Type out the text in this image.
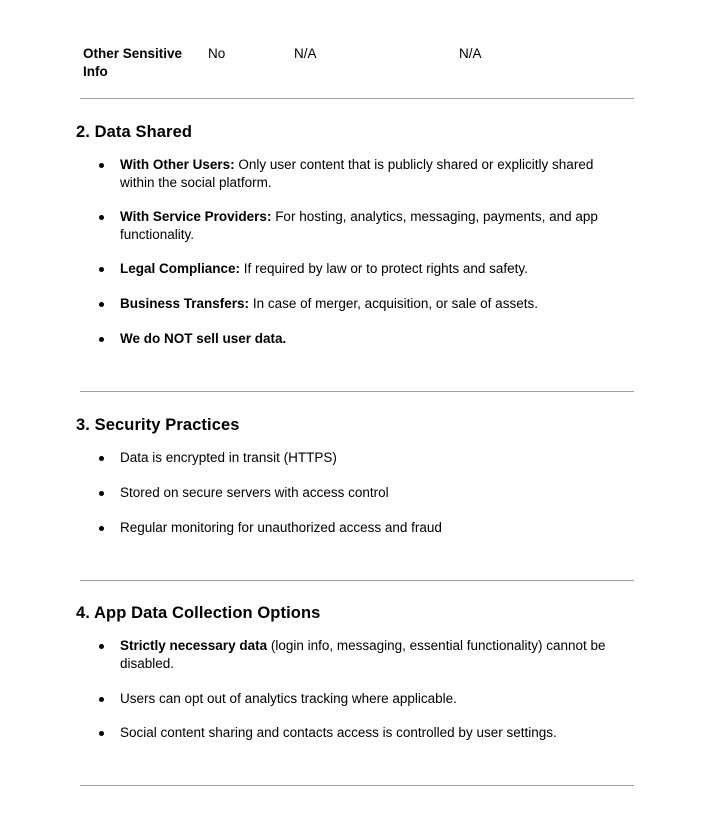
Other Sensitive Info
No	N/A	N/A
2. Data Shared
With Other Users: Only user content that is publicly shared or explicitly shared within the social platform.
With Service Providers: For hosting, analytics, messaging, payments, and app functionality.
Legal Compliance: If required by law or to protect rights and safety.
Business Transfers: In case of merger, acquisition, or sale of assets.
We do NOT sell user data.
3. Security Practices
Data is encrypted in transit (HTTPS)
Stored on secure servers with access control
Regular monitoring for unauthorized access and fraud
4. App Data Collection Options
Strictly necessary data (login info, messaging, essential functionality) cannot be disabled.
Users can opt out of analytics tracking where applicable.
Social content sharing and contacts access is controlled by user settings.
